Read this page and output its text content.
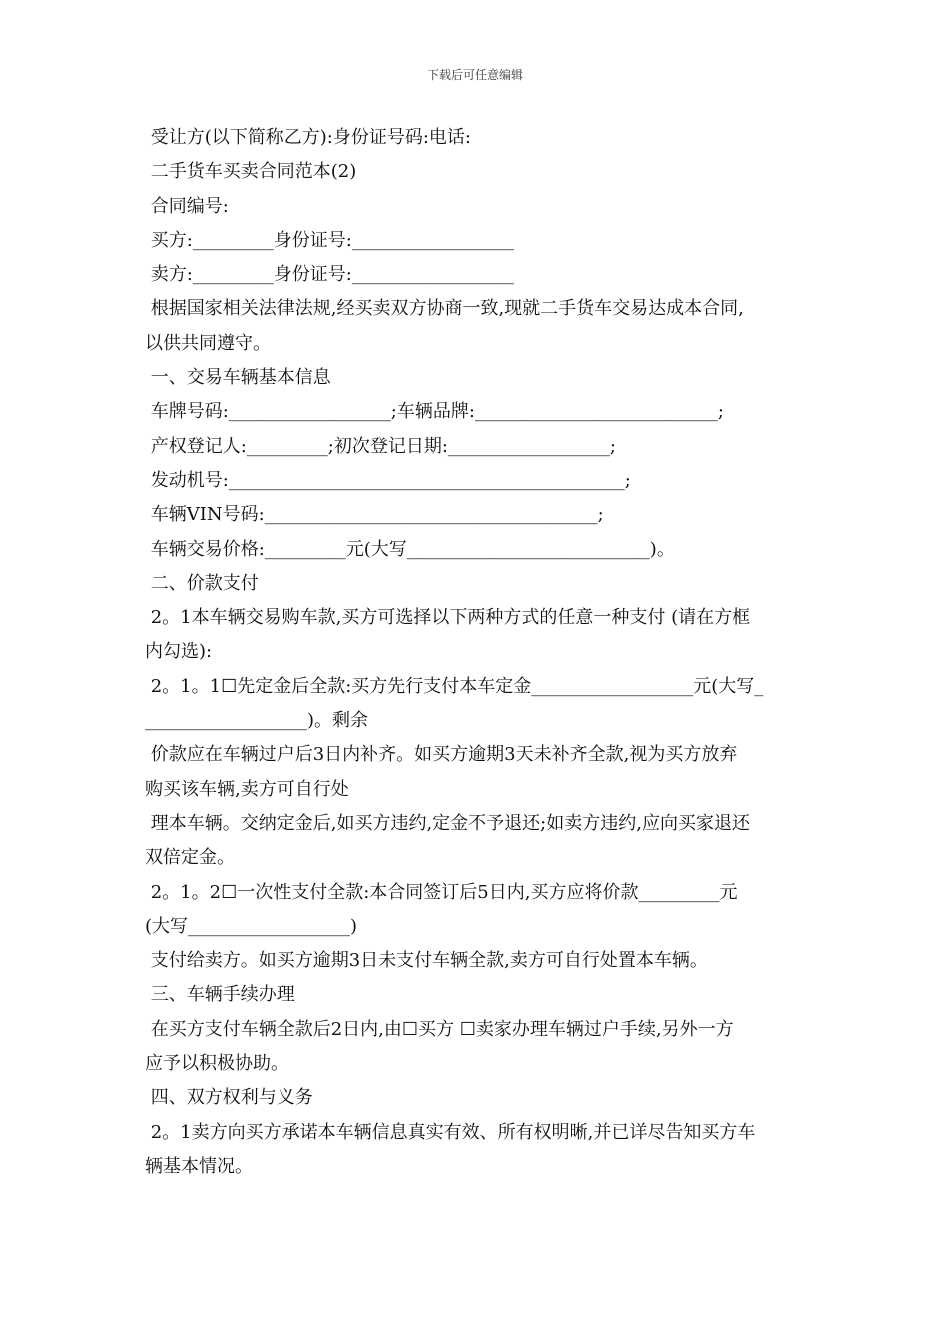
下载后可任意编辑

受让方(以下简称乙方):身份证号码:电话:

二手货车买卖合同范本(2)

合同编号:

买方:_________身份证号:__________________

卖方:_________身份证号:__________________

根据国家相关法律法规,经买卖双方协商一致,现就二手货车交易达成本合同,

以供共同遵守。

一、交易车辆基本信息

车牌号码:__________________;车辆品牌:___________________________;

产权登记人:_________;初次登记日期:__________________;

发动机号:____________________________________________;

车辆VIN号码:_____________________________________;

车辆交易价格:_________元(大写___________________________)。

二、价款支付

2。1本车辆交易购车款,买方可选择以下两种方式的任意一种支付 (请在方框

内勾选):

2。1。1☐先定金后全款:买方先行支付本车定金__________________元(大写_

__________________)。剩余

价款应在车辆过户后3日内补齐。如买方逾期3天未补齐全款,视为买方放弃

购买该车辆,卖方可自行处

理本车辆。交纳定金后,如买方违约,定金不予退还;如卖方违约,应向买家退还

双倍定金。

2。1。2☐一次性支付全款:本合同签订后5日内,买方应将价款_________元

(大写__________________)

支付给卖方。如买方逾期3日未支付车辆全款,卖方可自行处置本车辆。

三、车辆手续办理

在买方支付车辆全款后2日内,由☐买方 ☐卖家办理车辆过户手续,另外一方

应予以积极协助。

四、双方权利与义务

2。1卖方向买方承诺本车辆信息真实有效、所有权明晰,并已详尽告知买方车

辆基本情况。
